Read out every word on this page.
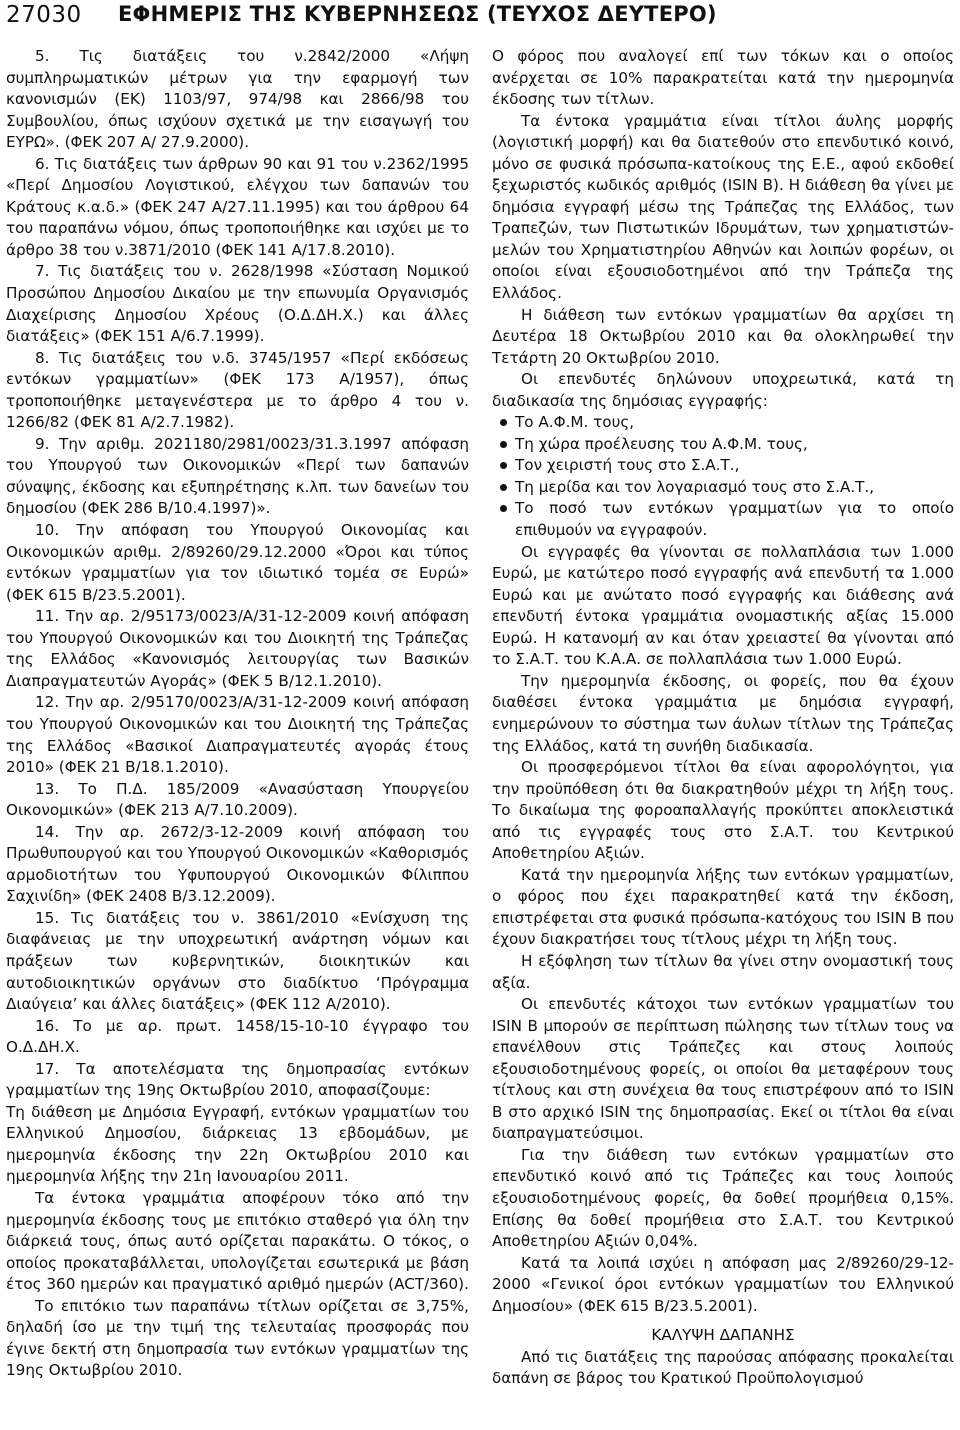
27030 ΕΦΗΜΕΡΙΣ ΤΗΣ ΚΥΒΕΡΝΗΣΕΩΣ (ΤΕΥΧΟΣ ΔΕΥΤΕΡΟ)

5. Τις διατάξεις του ν.2842/2000 «Λήψη συμπληρωματικών μέτρων για την εφαρμογή των κανονισμών (ΕΚ) 1103/97, 974/98 και 2866/98 του Συμβουλίου, όπως ισχύουν σχετικά με την εισαγωγή του ΕΥΡΩ». (ΦΕΚ 207 Α/ 27.9.2000).

6. Τις διατάξεις των άρθρων 90 και 91 του ν.2362/1995 «Περί Δημοσίου Λογιστικού, ελέγχου των δαπανών του Κράτους κ.α.δ.» (ΦΕΚ 247 Α/27.11.1995) και του άρθρου 64 του παραπάνω νόμου, όπως τροποποιήθηκε και ισχύει με το άρθρο 38 του ν.3871/2010 (ΦΕΚ 141 Α/17.8.2010).

7. Τις διατάξεις του ν. 2628/1998 «Σύσταση Νομικού Προσώπου Δημοσίου Δικαίου με την επωνυμία Οργανισμός Διαχείρισης Δημοσίου Χρέους (Ο.Δ.ΔΗ.Χ.) και άλλες διατάξεις» (ΦΕΚ 151 Α/6.7.1999).

8. Τις διατάξεις του ν.δ. 3745/1957 «Περί εκδόσεως εντόκων γραμματίων» (ΦΕΚ 173 Α/1957), όπως τροποποιήθηκε μεταγενέστερα με το άρθρο 4 του ν. 1266/82 (ΦΕΚ 81 Α/2.7.1982).

9. Την αριθμ. 2021180/2981/0023/31.3.1997 απόφαση του Υπουργού των Οικονομικών «Περί των δαπανών σύναψης, έκδοσης και εξυπηρέτησης κ.λπ. των δανείων του δημοσίου (ΦΕΚ 286 Β/10.4.1997)».

10. Την απόφαση του Υπουργού Οικονομίας και Οικονομικών αριθμ. 2/89260/29.12.2000 «Όροι και τύπος εντόκων γραμματίων για τον ιδιωτικό τομέα σε Ευρώ» (ΦΕΚ 615 Β/23.5.2001).

11. Την αρ. 2/95173/0023/Α/31-12-2009 κοινή απόφαση του Υπουργού Οικονομικών και του Διοικητή της Τράπεζας της Ελλάδος «Κανονισμός λειτουργίας των Βασικών Διαπραγματευτών Αγοράς» (ΦΕΚ 5 Β/12.1.2010).

12. Την αρ. 2/95170/0023/Α/31-12-2009 κοινή απόφαση του Υπουργού Οικονομικών και του Διοικητή της Τράπεζας της Ελλάδος «Βασικοί Διαπραγματευτές αγοράς έτους 2010» (ΦΕΚ 21 Β/18.1.2010).

13. Το Π.Δ. 185/2009 «Ανασύσταση Υπουργείου Οικονομικών» (ΦΕΚ 213 Α/7.10.2009).

14. Την αρ. 2672/3-12-2009 κοινή απόφαση του Πρωθυπουργού και του Υπουργού Οικονομικών «Καθορισμός αρμοδιοτήτων του Υφυπουργού Οικονομικών Φίλιππου Σαχινίδη» (ΦΕΚ 2408 Β/3.12.2009).

15. Τις διατάξεις του ν. 3861/2010 «Ενίσχυση της διαφάνειας με την υποχρεωτική ανάρτηση νόμων και πράξεων των κυβερνητικών, διοικητικών και αυτοδιοικητικών οργάνων στο διαδίκτυο ‘Πρόγραμμα Διαύγεια’ και άλλες διατάξεις» (ΦΕΚ 112 Α/2010).

16. Το με αρ. πρωτ. 1458/15-10-10 έγγραφο του Ο.Δ.ΔΗ.Χ.

17. Τα αποτελέσματα της δημοπρασίας εντόκων γραμματίων της 19ης Οκτωβρίου 2010, αποφασίζουμε:

Τη διάθεση με Δημόσια Εγγραφή, εντόκων γραμματίων του Ελληνικού Δημοσίου, διάρκειας 13 εβδομάδων, με ημερομηνία έκδοσης την 22η Οκτωβρίου 2010 και ημερομηνία λήξης την 21η Ιανουαρίου 2011.

Τα έντοκα γραμμάτια αποφέρουν τόκο από την ημερομηνία έκδοσης τους με επιτόκιο σταθερό για όλη την διάρκειά τους, όπως αυτό ορίζεται παρακάτω. Ο τόκος, ο οποίος προκαταβάλλεται, υπολογίζεται εσωτερικά με βάση έτος 360 ημερών και πραγματικό αριθμό ημερών (ACT/360).

Το επιτόκιο των παραπάνω τίτλων ορίζεται σε 3,75%, δηλαδή ίσο με την τιμή της τελευταίας προσφοράς που έγινε δεκτή στη δημοπρασία των εντόκων γραμματίων της 19ης Οκτωβρίου 2010.

Ο φόρος που αναλογεί επί των τόκων και ο οποίος ανέρχεται σε 10% παρακρατείται κατά την ημερομηνία έκδοσης των τίτλων.

Τα έντοκα γραμμάτια είναι τίτλοι άυλης μορφής (λογιστική μορφή) και θα διατεθούν στο επενδυτικό κοινό, μόνο σε φυσικά πρόσωπα-κατοίκους της Ε.Ε., αφού εκδοθεί ξεχωριστός κωδικός αριθμός (ISIN B). Η διάθεση θα γίνει με δημόσια εγγραφή μέσω της Τράπεζας της Ελλάδος, των Τραπεζών, των Πιστωτικών Ιδρυμάτων, των χρηματιστών-μελών του Χρηματιστηρίου Αθηνών και λοιπών φορέων, οι οποίοι είναι εξουσιοδοτημένοι από την Τράπεζα της Ελλάδος.

Η διάθεση των εντόκων γραμματίων θα αρχίσει τη Δευτέρα 18 Οκτωβρίου 2010 και θα ολοκληρωθεί την Τετάρτη 20 Οκτωβρίου 2010.

Οι επενδυτές δηλώνουν υποχρεωτικά, κατά τη διαδικασία της δημόσιας εγγραφής:

Το Α.Φ.Μ. τους,
Τη χώρα προέλευσης του Α.Φ.Μ. τους,
Τον χειριστή τους στο Σ.Α.Τ.,
Τη μερίδα και τον λογαριασμό τους στο Σ.Α.Τ.,
Το ποσό των εντόκων γραμματίων για το οποίο επιθυμούν να εγγραφούν.

Οι εγγραφές θα γίνονται σε πολλαπλάσια των 1.000 Ευρώ, με κατώτερο ποσό εγγραφής ανά επενδυτή τα 1.000 Ευρώ και με ανώτατο ποσό εγγραφής και διάθεσης ανά επενδυτή έντοκα γραμμάτια ονομαστικής αξίας 15.000 Ευρώ. Η κατανομή αν και όταν χρειαστεί θα γίνονται από το Σ.Α.Τ. του Κ.Α.Α. σε πολλαπλάσια των 1.000 Ευρώ.

Την ημερομηνία έκδοσης, οι φορείς, που θα έχουν διαθέσει έντοκα γραμμάτια με δημόσια εγγραφή, ενημερώνουν το σύστημα των άυλων τίτλων της Τράπεζας της Ελλάδος, κατά τη συνήθη διαδικασία.

Οι προσφερόμενοι τίτλοι θα είναι αφορολόγητοι, για την προϋπόθεση ότι θα διακρατηθούν μέχρι τη λήξη τους. Το δικαίωμα της φοροαπαλλαγής προκύπτει αποκλειστικά από τις εγγραφές τους στο Σ.Α.Τ. του Κεντρικού Αποθετηρίου Αξιών.

Κατά την ημερομηνία λήξης των εντόκων γραμματίων, ο φόρος που έχει παρακρατηθεί κατά την έκδοση, επιστρέφεται στα φυσικά πρόσωπα-κατόχους του ISIN B που έχουν διακρατήσει τους τίτλους μέχρι τη λήξη τους.

Η εξόφληση των τίτλων θα γίνει στην ονομαστική τους αξία.

Οι επενδυτές κάτοχοι των εντόκων γραμματίων του ISIN B μπορούν σε περίπτωση πώλησης των τίτλων τους να επανέλθουν στις Τράπεζες και στους λοιπούς εξουσιοδοτημένους φορείς, οι οποίοι θα μεταφέρουν τους τίτλους και στη συνέχεια θα τους επιστρέφουν από το ISIN B στο αρχικό ISIN της δημοπρασίας. Εκεί οι τίτλοι θα είναι διαπραγματεύσιμοι.

Για την διάθεση των εντόκων γραμματίων στο επενδυτικό κοινό από τις Τράπεζες και τους λοιπούς εξουσιοδοτημένους φορείς, θα δοθεί προμήθεια 0,15%. Επίσης θα δοθεί προμήθεια στο Σ.Α.Τ. του Κεντρικού Αποθετηρίου Αξιών 0,04%.

Κατά τα λοιπά ισχύει η απόφαση μας 2/89260/29-12-2000 «Γενικοί όροι εντόκων γραμματίων του Ελληνικού Δημοσίου» (ΦΕΚ 615 Β/23.5.2001).

ΚΑΛΥΨΗ ΔΑΠΑΝΗΣ

Από τις διατάξεις της παρούσας απόφασης προκαλείται δαπάνη σε βάρος του Κρατικού Προϋπολογισμού
